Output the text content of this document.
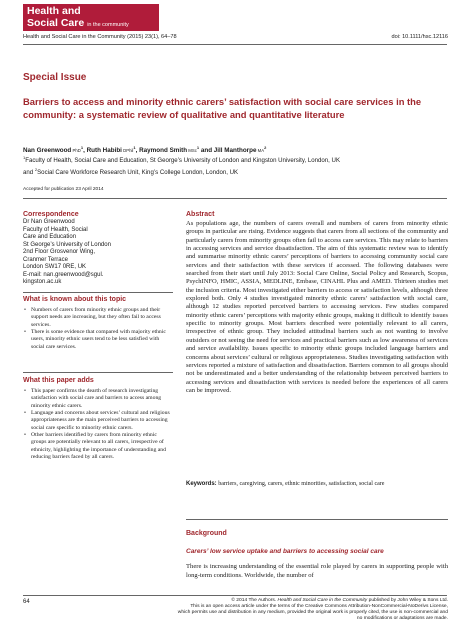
Health and
Social Care in the community
Health and Social Care in the Community (2015) 23(1), 64–78	doi: 10.1111/hsc.12116
Special Issue
Barriers to access and minority ethnic carers’ satisfaction with social care services in the community: a systematic review of qualitative and quantitative literature
Nan Greenwood PhD$^1$, Ruth Habibi DPhil$^1$, Raymond Smith MSc$^1$ and Jill Manthorpe $MA^2$
$^1$Faculty of Health, Social Care and Education, St George’s University of London and Kingston University, London, UK
and $^2$Social Care Workforce Research Unit, King’s College London, London, UK
Accepted for publication 23 April 2014
Correspondence
Dr Nan Greenwood
Faculty of Health, Social
Care and Education
St George’s University of London
2nd Floor Grosvenor Wing,
Cranmer Terrace
London SW17 0RE, UK
E-mail: nan.greenwood@sgul.
kingston.ac.uk
What is known about this topic
• Numbers of carers from minority ethnic groups and their support needs are increasing, but they often fail to access services.
• There is some evidence that compared with majority ethnic users, minority ethnic users tend to be less satisfied with social care services.
What this paper adds
• This paper confirms the dearth of research investigating satisfaction with social care and barriers to access among minority ethnic carers.
• Language and concerns about services’ cultural and religious appropriateness are the main perceived barriers to accessing social care specific to minority ethnic carers.
• Other barriers identified by carers from minority ethnic groups are potentially relevant to all carers, irrespective of ethnicity, highlighting the importance of understanding and reducing barriers faced by all carers.
Abstract
As populations age, the numbers of carers overall and numbers of carers from minority ethnic groups in particular are rising. Evidence suggests that carers from all sections of the community and particularly carers from minority groups often fail to access care services. This may relate to barriers in accessing services and service dissatisfaction. The aim of this systematic review was to identify and summarise minority ethnic carers’ perceptions of barriers to accessing community social care services and their satisfaction with these services if accessed. The following databases were searched from their start until July 2013: Social Care Online, Social Policy and Research, Scopus, PsychINFO, HMIC, ASSIA, MEDLINE, Embase, CINAHL Plus and AMED. Thirteen studies met the inclusion criteria. Most investigated either barriers to access or satisfaction levels, although three explored both. Only 4 studies investigated minority ethnic carers’ satisfaction with social care, although 12 studies reported perceived barriers to accessing services. Few studies compared minority ethnic carers’ perceptions with majority ethnic groups, making it difficult to identify issues specific to minority groups. Most barriers described were potentially relevant to all carers, irrespective of ethnic group. They included attitudinal barriers such as not wanting to involve outsiders or not seeing the need for services and practical barriers such as low awareness of services and service availability. Issues specific to minority ethnic groups included language barriers and concerns about services’ cultural or religious appropriateness. Studies investigating satisfaction with services reported a mixture of satisfaction and dissatisfaction. Barriers common to all groups should not be underestimated and a better understanding of the relationship between perceived barriers to accessing services and dissatisfaction with services is needed before the experiences of all carers can be improved.
Keywords: barriers, caregiving, carers, ethnic minorities, satisfaction, social care
Background
Carers’ low service uptake and barriers to accessing social care
There is increasing understanding of the essential role played by carers in supporting people with long-term conditions. Worldwide, the number of
64	© 2014 The Authors. Health and Social Care in the Community published by John Wiley & Sons Ltd.
This is an open access article under the terms of the Creative Commons Attribution-NonCommercial-NoDerivs License,
which permits use and distribution in any medium, provided the original work is properly cited, the use is non-commercial and
no modifications or adaptations are made.
